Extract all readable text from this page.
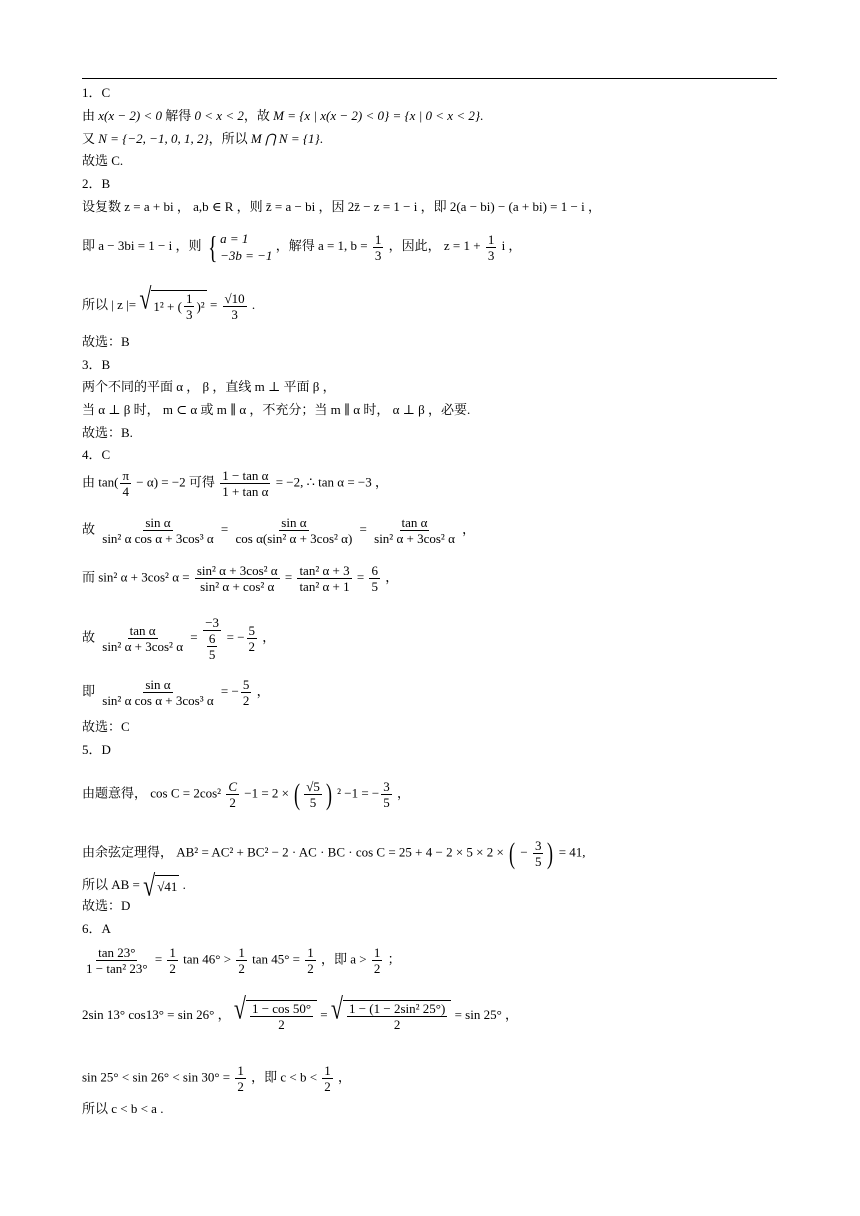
1．C
由 x(x − 2) < 0 解得 0 < x < 2，故 M = {x | x(x − 2) < 0} = {x | 0 < x < 2}.
又 N = {−2, −1, 0, 1, 2}，所以 M ⋂ N = {1}.
故选 C.
2．B
设复数 z = a + bi ， a,b ∈ R ，则 z̄ = a − bi ，因 2z̄ − z = 1 − i ，即 2(a − bi) − (a + bi) = 1 − i ，
即 a − 3bi = 1 − i ，则 { a = 1
−3b = −1
，解得 a = 1, $b = \frac{1}{3}$ ，因此， $z = 1 + \frac{1}{3}$ i ，
所以 | z |= √ 1² + ( $\frac{1}{3} )^2 = \frac{√10}{3}$ .
故选：B
3．B
两个不同的平面 α ， β ，直线 m ⊥ 平面 β ，
当 α ⊥ β 时， m ⊂ α 或 m ∥ α ，不充分；当 m ∥ α 时， α ⊥ β ，必要.
故选：B.
4．C
由 $\tan( \frac{\pi}{4} - \alpha) = -2$ 可得 $\frac{\text{1 − tan α}}{\text{1 + tan α}} = -2$, ∴ tan α = −3 ，
故 $\frac{\text{sin α}}{\text{sin² α cos α + 3cos³ α}} = \frac{\text{sin α}}{\text{cos α(sin² α + 3cos² α)}} = \frac{\text{tan α}}{\text{sin² α + 3cos² α}}$ ，
而 sin² α + 3cos² $\alpha = \frac{\text{sin² α + 3cos² α}}{\text{sin² α + cos² α}} = \frac{\text{tan² α + 3}}{\text{tan² α + 1}} = \frac{6}{5}$ ，
故 $\frac{\text{tan α}}{\text{sin² α + 3cos² α}} = \frac{-3}{\frac{6}{5}}$ = − $\frac{5}{2}$ ，
即 $\frac{\text{sin α}}{\text{sin² α cos α + 3cos³ α}}$ = − $\frac{5}{2}$ ，
故选：C
5．D
由题意得， $\cos C = 2\cos^2 \frac{C}{2} -1 = 2$ × ( $\frac{√5}{5}$ ) ² −1 = − $\frac{3}{5}$ ，
由余弦定理得， AB² = AC² + BC² − 2 · AC · BC · cos C = 25 + 4 − 2 × 5 × 2 × ( − $\frac{3}{5}$ ) = 41,
所以 AB = √ √41 .
故选：D
6．A
$\frac{\tan 23^\circ}{\text{1 − tan² 23°}} = \frac{1}{2}$ $\tan 46^\circ > \frac{1}{2}$ $\tan 45^\circ = \frac{1}{2}$ ，即 $a > \frac{1}{2}$ ；
2sin 13° cos13° = sin 26° ， √ $\frac{1 - \cos 50^\circ}{2}$ = √ $\frac{\text{1 − (1 − 2sin² 25°)}}{2} = \sin 25^\circ$ ，
$\sin 25^\circ < \sin 26^\circ < \sin 30^\circ = \frac{1}{2}$ ，即 $c < b < \frac{1}{2}$ ，
所以 c < b < a .
